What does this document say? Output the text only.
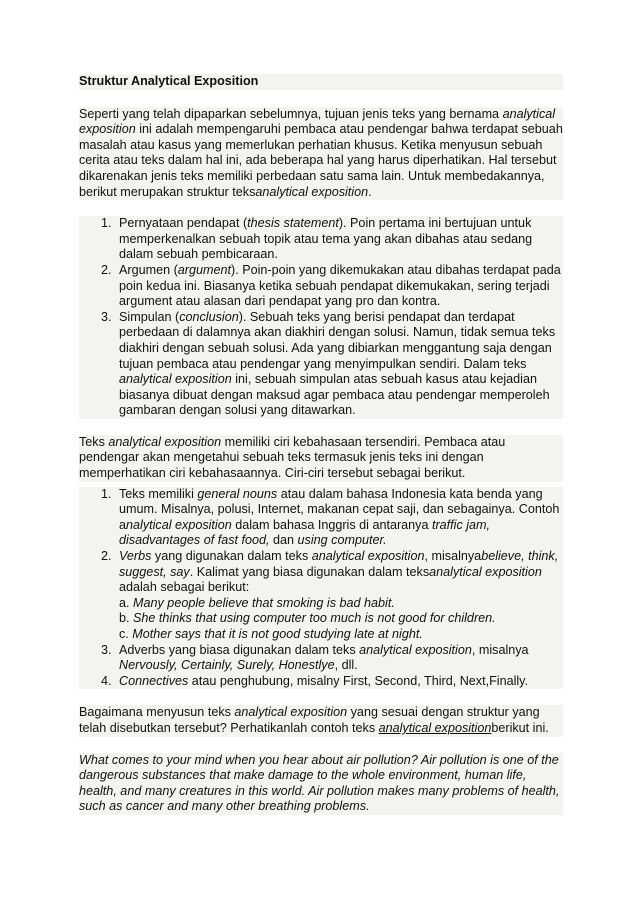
Struktur Analytical Exposition

Seperti yang telah dipaparkan sebelumnya, tujuan jenis teks yang bernama analytical exposition ini adalah mempengaruhi pembaca atau pendengar bahwa terdapat sebuah masalah atau kasus yang memerlukan perhatian khusus. Ketika menyusun sebuah cerita atau teks dalam hal ini, ada beberapa hal yang harus diperhatikan. Hal tersebut dikarenakan jenis teks memiliki perbedaan satu sama lain. Untuk membedakannya, berikut merupakan struktur teksanalytical exposition.

1. Pernyataan pendapat (thesis statement). Poin pertama ini bertujuan untuk memperkenalkan sebuah topik atau tema yang akan dibahas atau sedang dalam sebuah pembicaraan.
2. Argumen (argument). Poin-poin yang dikemukakan atau dibahas terdapat pada poin kedua ini. Biasanya ketika sebuah pendapat dikemukakan, sering terjadi argument atau alasan dari pendapat yang pro dan kontra.
3. Simpulan (conclusion). Sebuah teks yang berisi pendapat dan terdapat perbedaan di dalamnya akan diakhiri dengan solusi. Namun, tidak semua teks diakhiri dengan sebuah solusi. Ada yang dibiarkan menggantung saja dengan tujuan pembaca atau pendengar yang menyimpulkan sendiri. Dalam teks analytical exposition ini, sebuah simpulan atas sebuah kasus atau kejadian biasanya dibuat dengan maksud agar pembaca atau pendengar memperoleh gambaran dengan solusi yang ditawarkan.

Teks analytical exposition memiliki ciri kebahasaan tersendiri. Pembaca atau pendengar akan mengetahui sebuah teks termasuk jenis teks ini dengan memperhatikan ciri kebahasaannya. Ciri-ciri tersebut sebagai berikut.

1. Teks memiliki general nouns atau dalam bahasa Indonesia kata benda yang umum. Misalnya, polusi, Internet, makanan cepat saji, dan sebagainya. Contoh analytical exposition dalam bahasa Inggris di antaranya traffic jam, disadvantages of fast food, dan using computer.
2. Verbs yang digunakan dalam teks analytical exposition, misalnyabelieve, think, suggest, say. Kalimat yang biasa digunakan dalam teksanalytical exposition adalah sebagai berikut:
a. Many people believe that smoking is bad habit.
b. She thinks that using computer too much is not good for children.
c. Mother says that it is not good studying late at night.
3. Adverbs yang biasa digunakan dalam teks analytical exposition, misalnya Nervously, Certainly, Surely, Honestlye, dll.
4. Connectives atau penghubung, misalny First, Second, Third, Next,Finally.

Bagaimana menyusun teks analytical exposition yang sesuai dengan struktur yang telah disebutkan tersebut? Perhatikanlah contoh teks analytical expositionberikut ini.

What comes to your mind when you hear about air pollution? Air pollution is one of the dangerous substances that make damage to the whole environment, human life, health, and many creatures in this world. Air pollution makes many problems of health, such as cancer and many other breathing problems.
